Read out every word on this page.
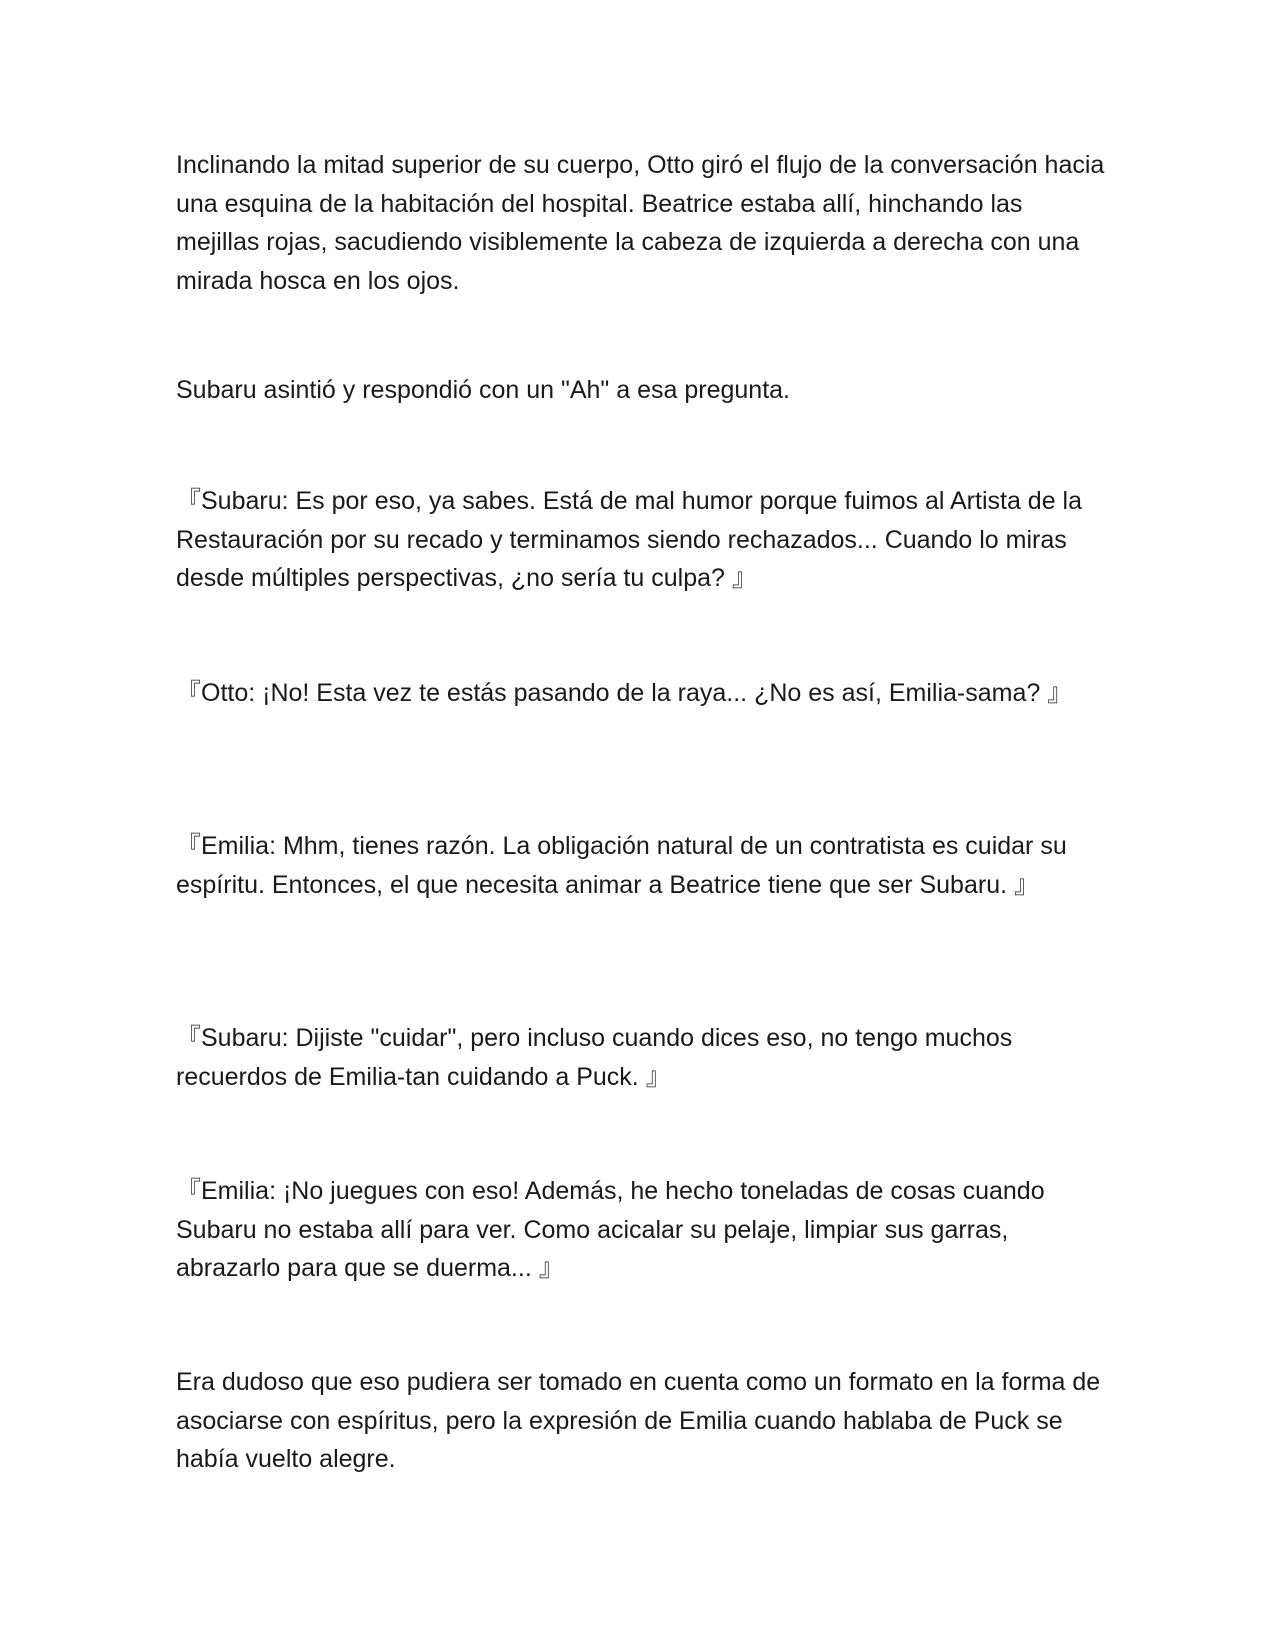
Inclinando la mitad superior de su cuerpo, Otto giró el flujo de la conversación hacia una esquina de la habitación del hospital. Beatrice estaba allí, hinchando las mejillas rojas, sacudiendo visiblemente la cabeza de izquierda a derecha con una mirada hosca en los ojos.

Subaru asintió y respondió con un "Ah" a esa pregunta.

『Subaru: Es por eso, ya sabes. Está de mal humor porque fuimos al Artista de la Restauración por su recado y terminamos siendo rechazados... Cuando lo miras desde múltiples perspectivas, ¿no sería tu culpa? 』

『Otto: ¡No! Esta vez te estás pasando de la raya... ¿No es así, Emilia-sama? 』

『Emilia: Mhm, tienes razón. La obligación natural de un contratista es cuidar su espíritu. Entonces, el que necesita animar a Beatrice tiene que ser Subaru. 』

『Subaru: Dijiste "cuidar", pero incluso cuando dices eso, no tengo muchos recuerdos de Emilia-tan cuidando a Puck. 』

『Emilia: ¡No juegues con eso! Además, he hecho toneladas de cosas cuando Subaru no estaba allí para ver. Como acicalar su pelaje, limpiar sus garras, abrazarlo para que se duerma... 』

Era dudoso que eso pudiera ser tomado en cuenta como un formato en la forma de asociarse con espíritus, pero la expresión de Emilia cuando hablaba de Puck se había vuelto alegre.
